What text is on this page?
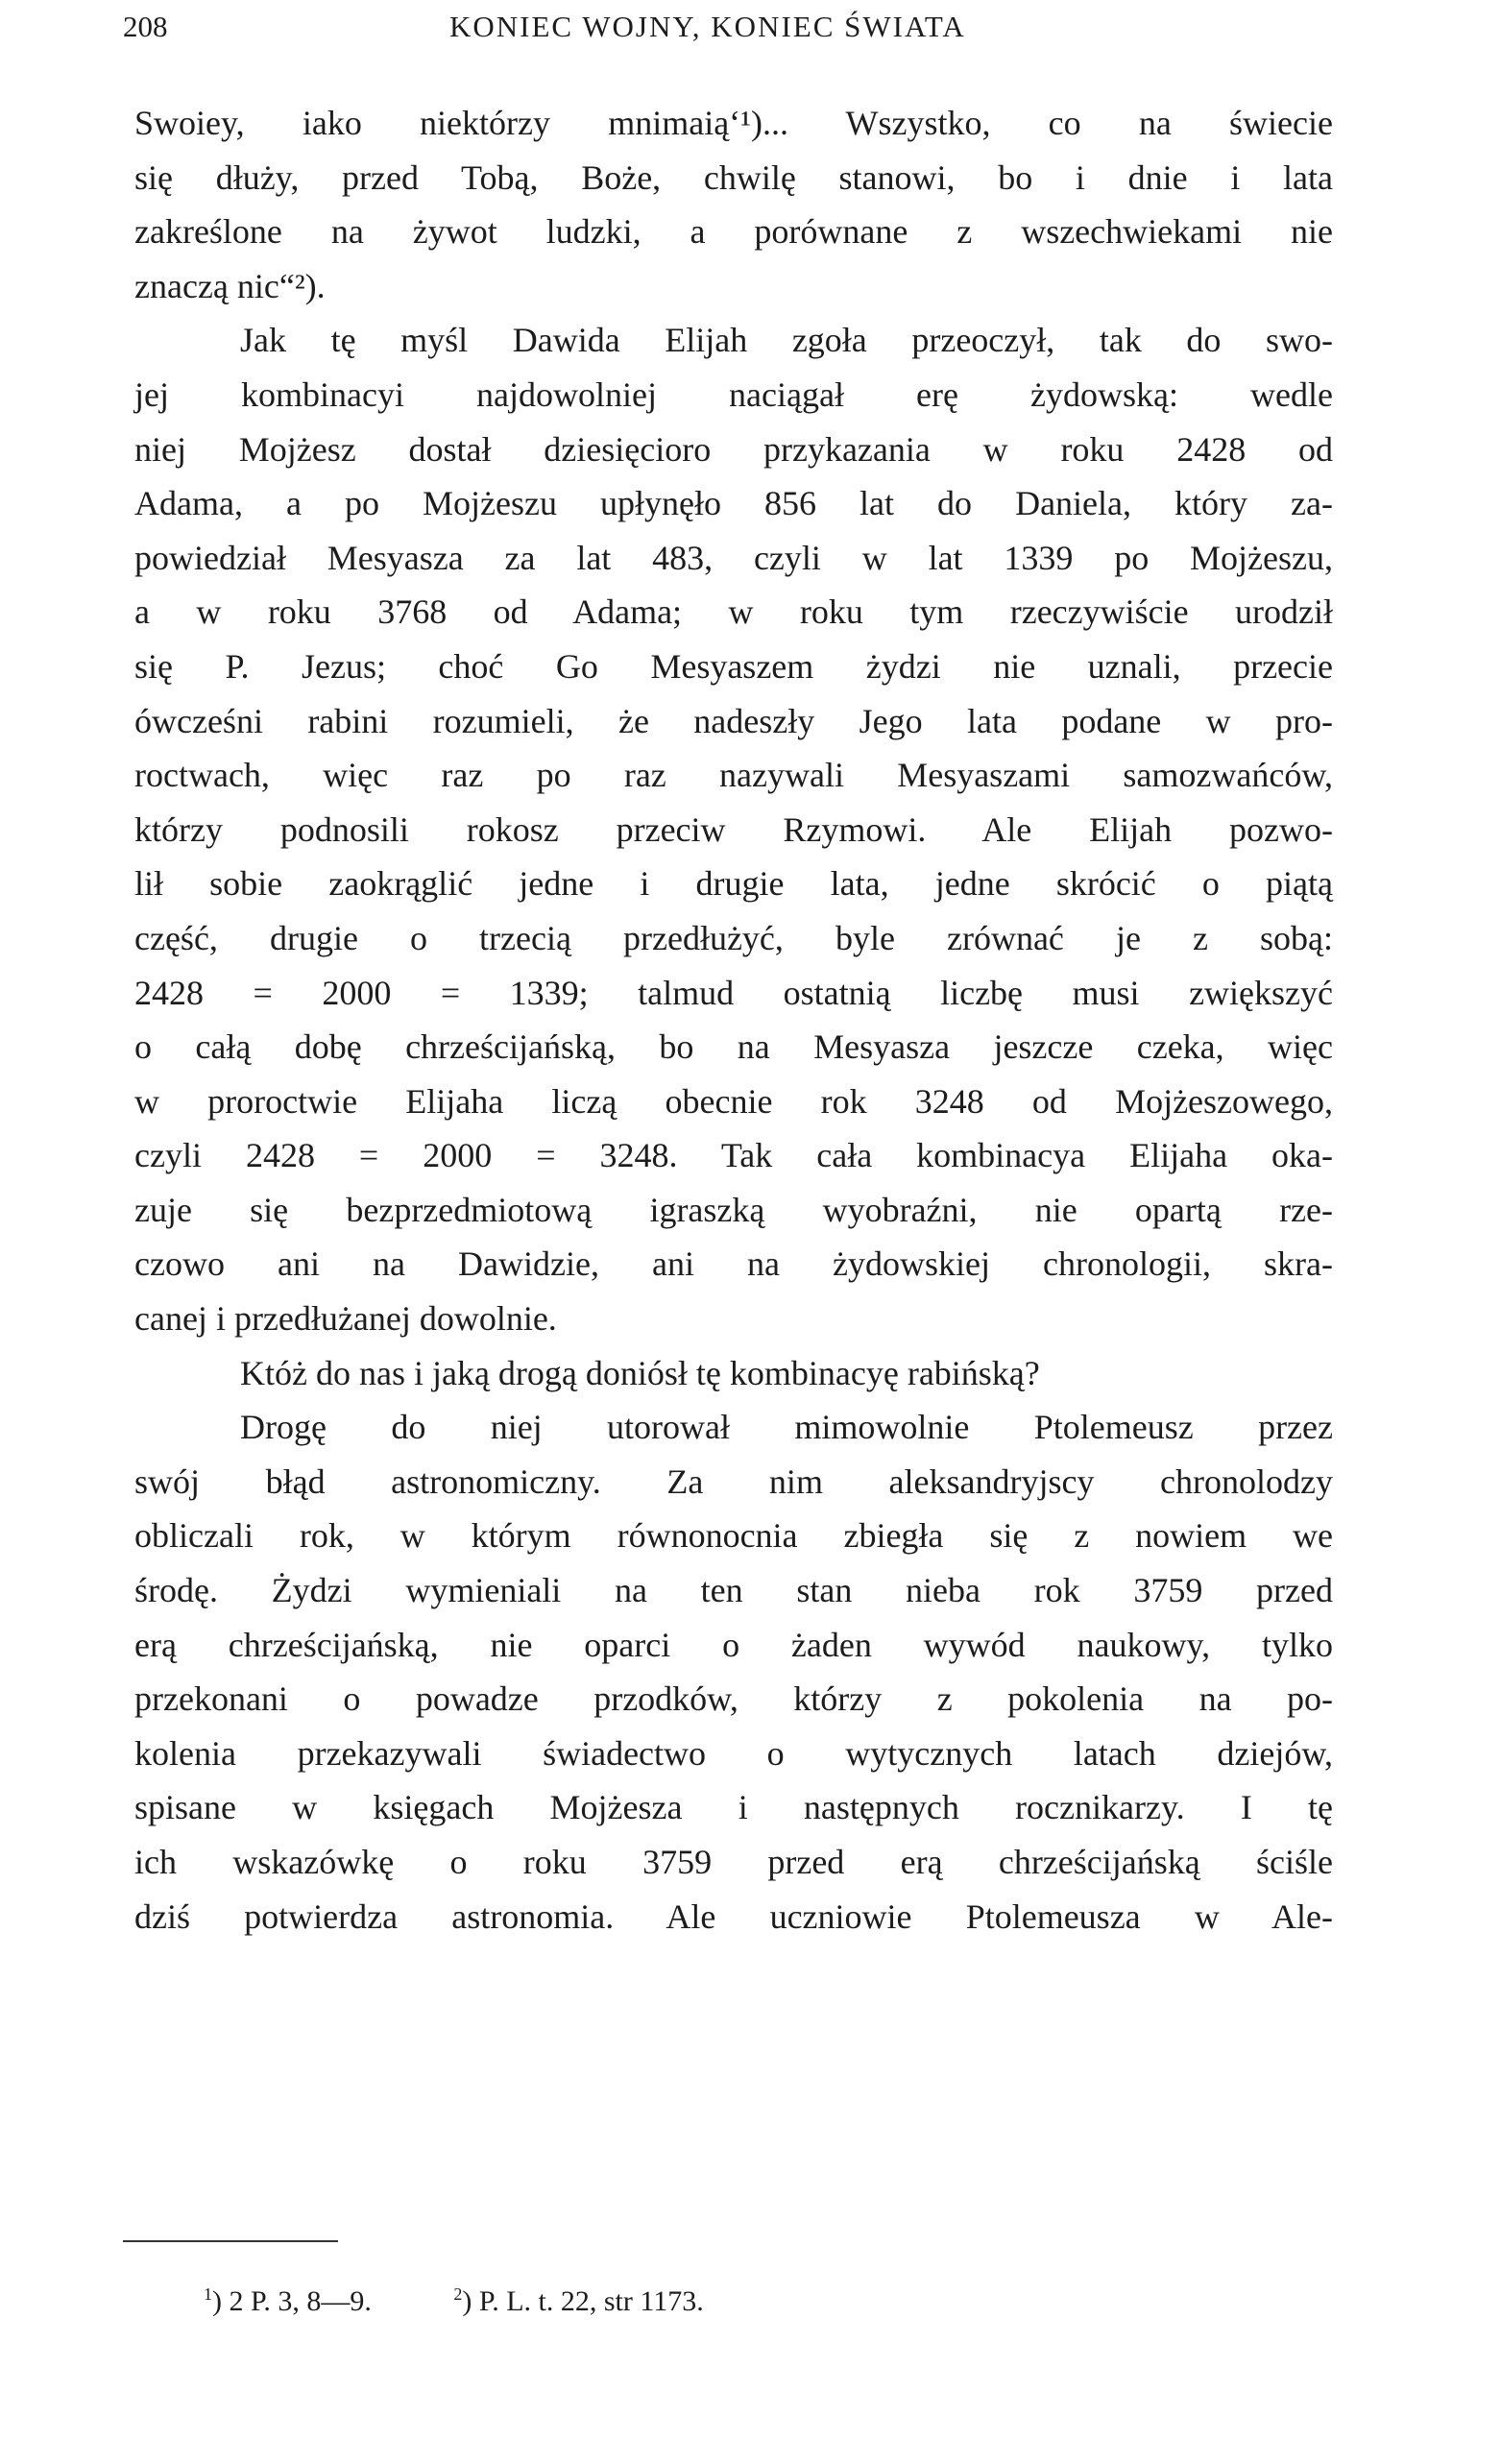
208	KONIEC WOJNY, KONIEC ŚWIATA
Swoiey, iako niektórzy mnimaią‘¹)... Wszystko, co na świecie
się dłuży, przed Tobą, Boże, chwilę stanowi, bo i dnie i lata
zakreślone na żywot ludzki, a porównane z wszechwiekami nie
znaczą nic“²).
Jak tę myśl Dawida Elijah zgoła przeoczył, tak do swo-
jej kombinacyi najdowolniej naciągał erę żydowską: wedle
niej Mojżesz dostał dziesięcioro przykazania w roku 2428 od
Adama, a po Mojżeszu upłynęło 856 lat do Daniela, który za-
powiedział Mesyasza za lat 483, czyli w lat 1339 po Mojżeszu,
a w roku 3768 od Adama; w roku tym rzeczywiście urodził
się P. Jezus; choć Go Mesyaszem żydzi nie uznali, przecie
ówcześni rabini rozumieli, że nadeszły Jego lata podane w pro-
roctwach, więc raz po raz nazywali Mesyaszami samozwańców,
którzy podnosili rokosz przeciw Rzymowi. Ale Elijah pozwo-
lił sobie zaokrąglić jedne i drugie lata, jedne skrócić o piątą
część, drugie o trzecią przedłużyć, byle zrównać je z sobą:
2428 = 2000 = 1339; talmud ostatnią liczbę musi zwiększyć
o całą dobę chrześcijańską, bo na Mesyasza jeszcze czeka, więc
w proroctwie Elijaha liczą obecnie rok 3248 od Mojżeszowego,
czyli 2428 = 2000 = 3248. Tak cała kombinacya Elijaha oka-
zuje się bezprzedmiotową igraszką wyobraźni, nie opartą rze-
czowo ani na Dawidzie, ani na żydowskiej chronologii, skra-
canej i przedłużanej dowolnie.
Któż do nas i jaką drogą doniósł tę kombinacyę rabińską?
Drogę do niej utorował mimowolnie Ptolemeusz przez
swój błąd astronomiczny. Za nim aleksandryjscy chronolodzy
obliczali rok, w którym równonocnia zbiegła się z nowiem we
środę. Żydzi wymieniali na ten stan nieba rok 3759 przed
erą chrześcijańską, nie oparci o żaden wywód naukowy, tylko
przekonani o powadze przodków, którzy z pokolenia na po-
kolenia przekazywali świadectwo o wytycznych latach dziejów,
spisane w księgach Mojżesza i następnych rocznikarzy. I tę
ich wskazówkę o roku 3759 przed erą chrześcijańską ściśle
dziś potwierdza astronomia. Ale uczniowie Ptolemeusza w Ale-
$^1$) 2 P. 3, 8—9.	$^2$) P. L. t. 22, str 1173.
